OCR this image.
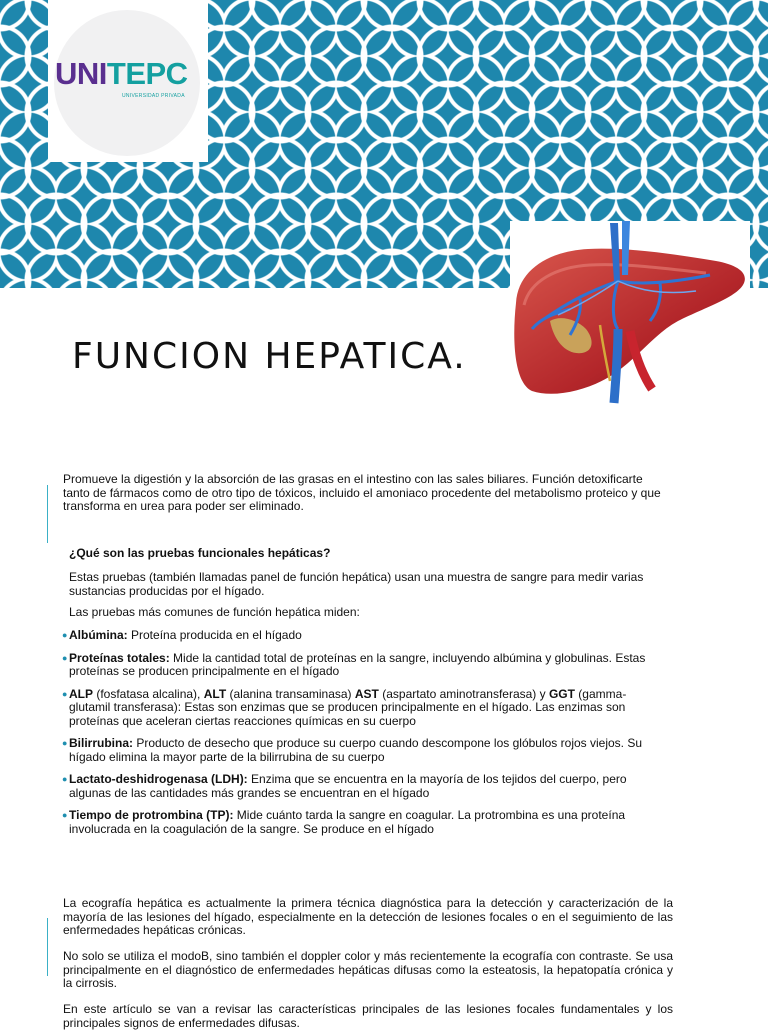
UNITEPC
UNIVERSIDAD PRIVADA
FUNCION HEPATICA.

Promueve la digestión y la absorción de las grasas en el intestino con las sales biliares. Función detoxificarte tanto de fármacos como de otro tipo de tóxicos, incluido el amoniaco procedente del metabolismo proteico y que transforma en urea para poder ser eliminado.

¿Qué son las pruebas funcionales hepáticas?

Estas pruebas (también llamadas panel de función hepática) usan una muestra de sangre para medir varias sustancias producidas por el hígado.

Las pruebas más comunes de función hepática miden:

● Albúmina: Proteína producida en el hígado
● Proteínas totales: Mide la cantidad total de proteínas en la sangre, incluyendo albúmina y globulinas. Estas proteínas se producen principalmente en el hígado
● ALP (fosfatasa alcalina), ALT (alanina transaminasa) AST (aspartato aminotransferasa) y GGT (gamma-glutamil transferasa): Estas son enzimas que se producen principalmente en el hígado. Las enzimas son proteínas que aceleran ciertas reacciones químicas en su cuerpo
● Bilirrubina: Producto de desecho que produce su cuerpo cuando descompone los glóbulos rojos viejos. Su hígado elimina la mayor parte de la bilirrubina de su cuerpo
● Lactato-deshidrogenasa (LDH): Enzima que se encuentra en la mayoría de los tejidos del cuerpo, pero algunas de las cantidades más grandes se encuentran en el hígado
● Tiempo de protrombina (TP): Mide cuánto tarda la sangre en coagular. La protrombina es una proteína involucrada en la coagulación de la sangre. Se produce en el hígado

La ecografía hepática es actualmente la primera técnica diagnóstica para la detección y caracterización de la mayoría de las lesiones del hígado, especialmente en la detección de lesiones focales o en el seguimiento de las enfermedades hepáticas crónicas.

No solo se utiliza el modoB, sino también el doppler color y más recientemente la ecografía con contraste. Se usa principalmente en el diagnóstico de enfermedades hepáticas difusas como la esteatosis, la hepatopatía crónica y la cirrosis.

En este artículo se van a revisar las características principales de las lesiones focales fundamentales y los principales signos de enfermedades difusas.
